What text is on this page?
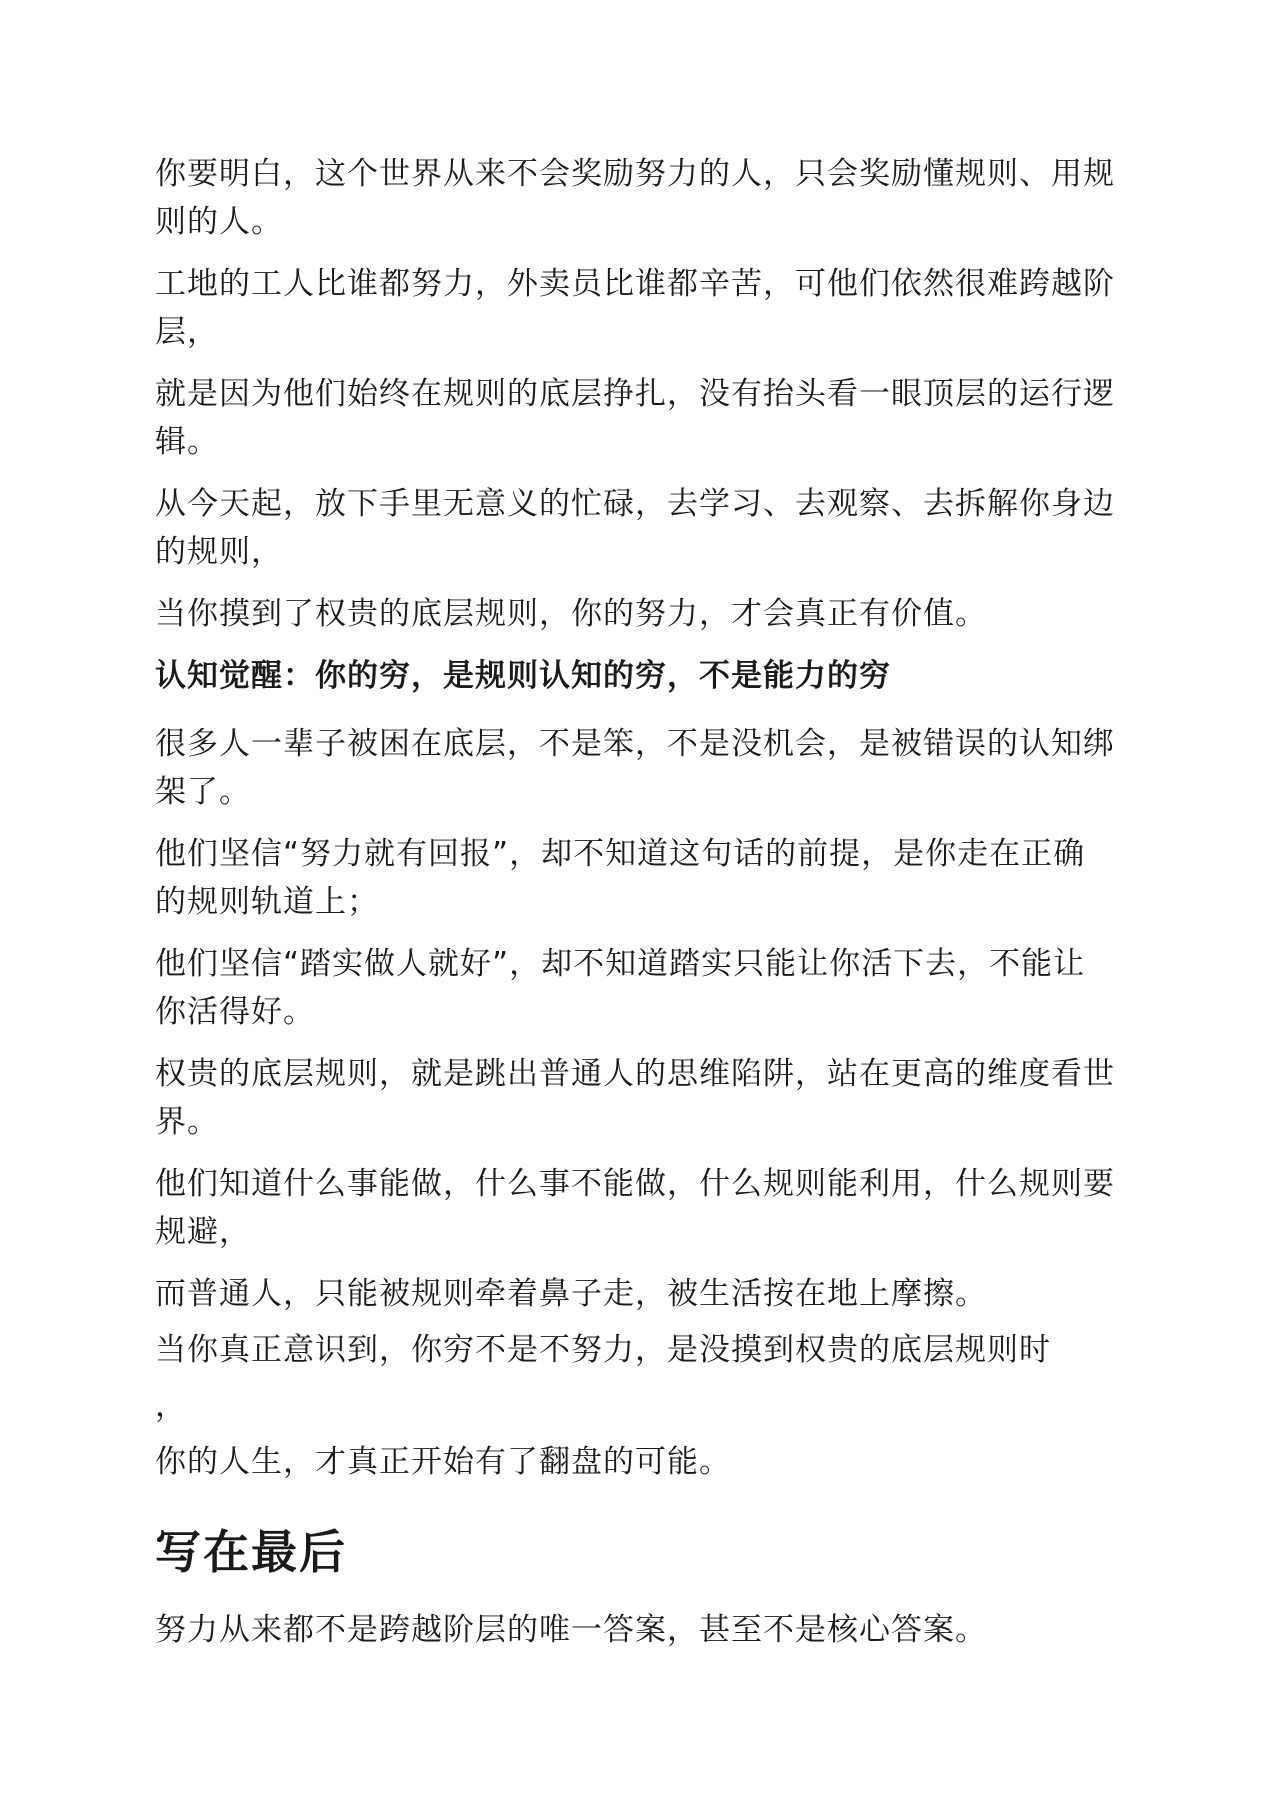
你要明白，这个世界从来不会奖励努力的人，只会奖励懂规则、用规则的人。

工地的工人比谁都努力，外卖员比谁都辛苦，可他们依然很难跨越阶层，

就是因为他们始终在规则的底层挣扎，没有抬头看一眼顶层的运行逻辑。

从今天起，放下手里无意义的忙碌，去学习、去观察、去拆解你身边的规则，

当你摸到了权贵的底层规则，你的努力，才会真正有价值。

认知觉醒：你的穷，是规则认知的穷，不是能力的穷

很多人一辈子被困在底层，不是笨，不是没机会，是被错误的认知绑架了。

他们坚信“努力就有回报”，却不知道这句话的前提，是你走在正确的规则轨道上；

他们坚信“踏实做人就好”，却不知道踏实只能让你活下去，不能让你活得好。

权贵的底层规则，就是跳出普通人的思维陷阱，站在更高的维度看世界。

他们知道什么事能做，什么事不能做，什么规则能利用，什么规则要规避，

而普通人，只能被规则牵着鼻子走，被生活按在地上摩擦。

当你真正意识到，你穷不是不努力，是没摸到权贵的底层规则时

，

你的人生，才真正开始有了翻盘的可能。

写在最后

努力从来都不是跨越阶层的唯一答案，甚至不是核心答案。
